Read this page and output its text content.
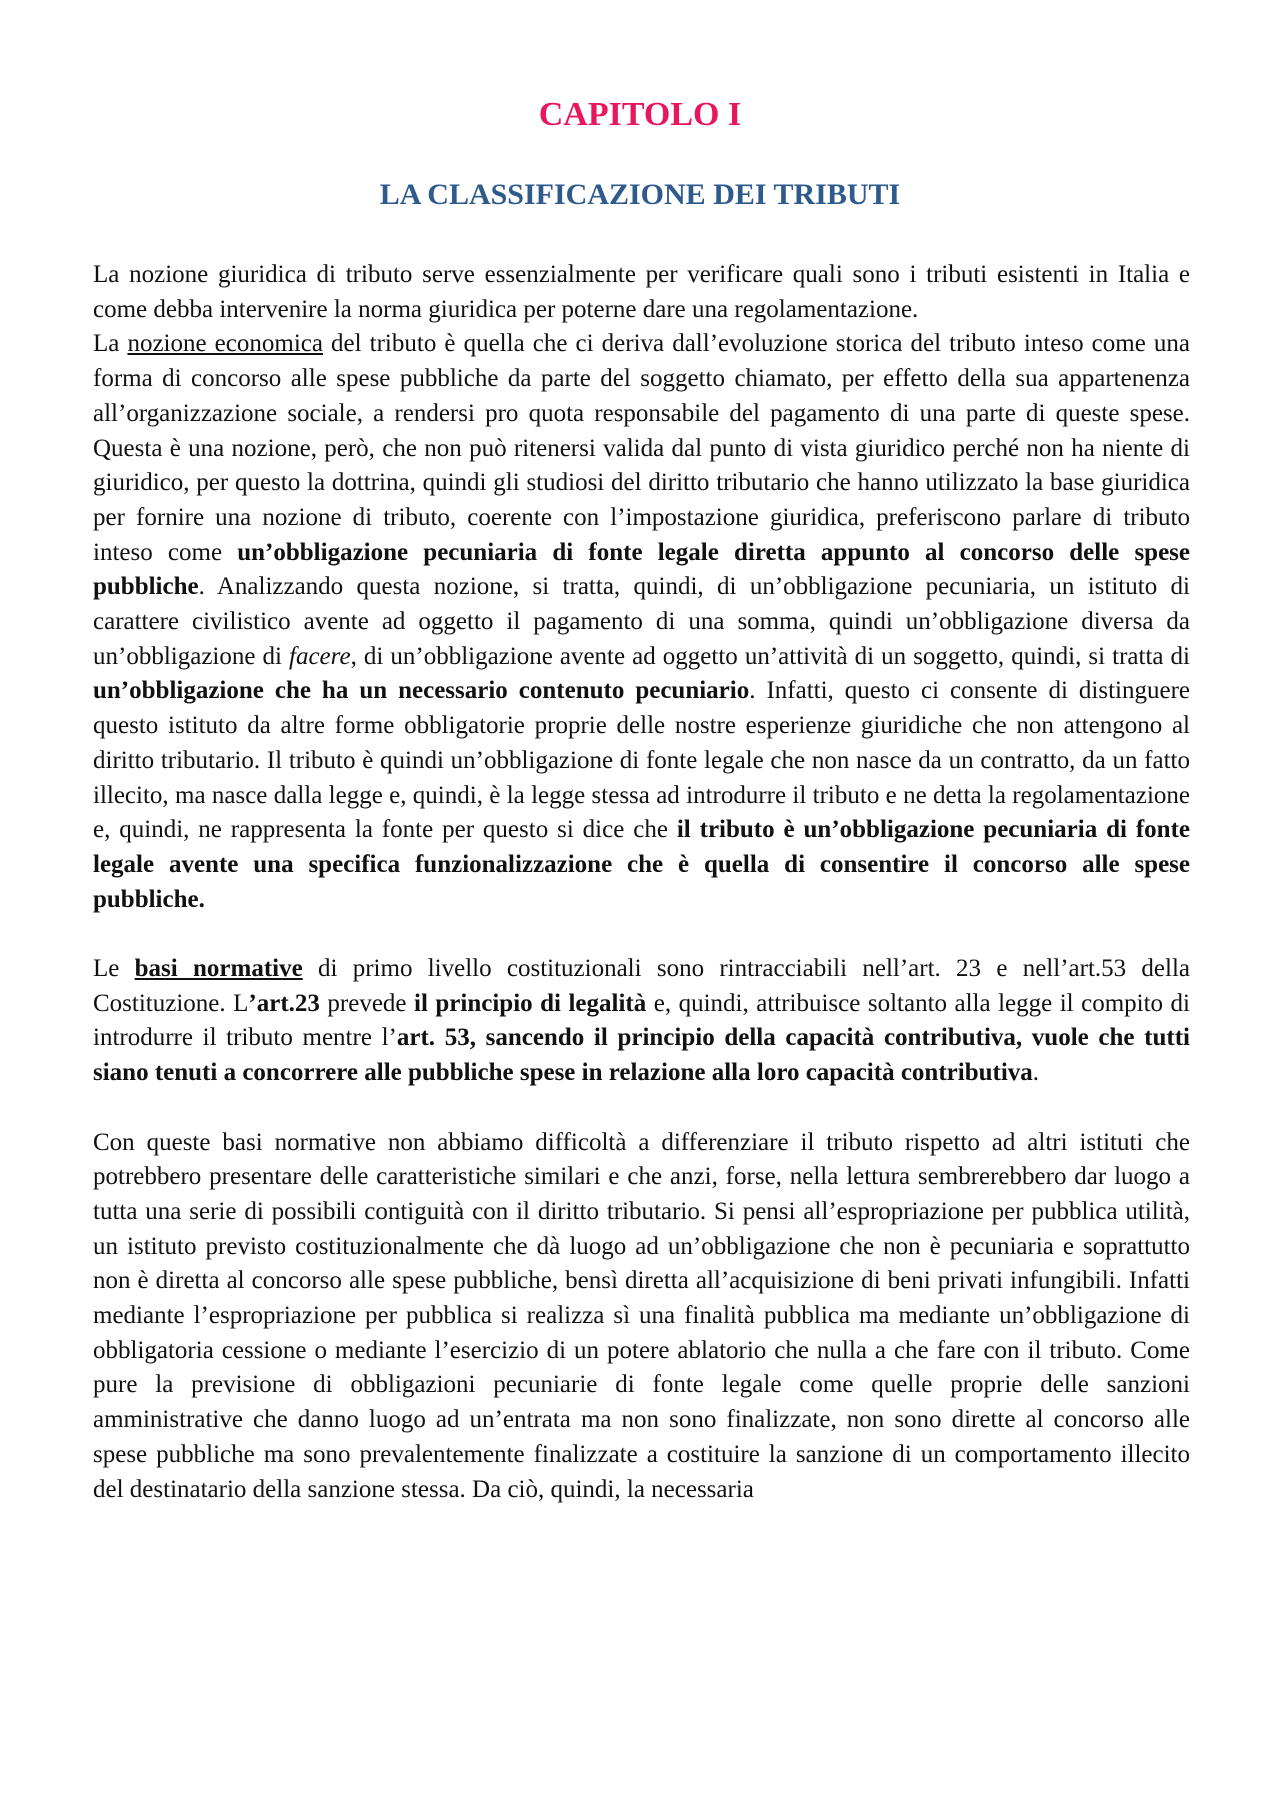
CAPITOLO I
LA CLASSIFICAZIONE DEI TRIBUTI

La nozione giuridica di tributo serve essenzialmente per verificare quali sono i tributi esistenti in Italia e come debba intervenire la norma giuridica per poterne dare una regolamentazione.

La nozione economica del tributo è quella che ci deriva dall’evoluzione storica del tributo inteso come una forma di concorso alle spese pubbliche da parte del soggetto chiamato, per effetto della sua appartenenza all’organizzazione sociale, a rendersi pro quota responsabile del pagamento di una parte di queste spese. Questa è una nozione, però, che non può ritenersi valida dal punto di vista giuridico perché non ha niente di giuridico, per questo la dottrina, quindi gli studiosi del diritto tributario che hanno utilizzato la base giuridica per fornire una nozione di tributo, coerente con l’impostazione giuridica, preferiscono parlare di tributo inteso come un’obbligazione pecuniaria di fonte legale diretta appunto al concorso delle spese pubbliche. Analizzando questa nozione, si tratta, quindi, di un’obbligazione pecuniaria, un istituto di carattere civilistico avente ad oggetto il pagamento di una somma, quindi un’obbligazione diversa da un’obbligazione di facere, di un’obbligazione avente ad oggetto un’attività di un soggetto, quindi, si tratta di un’obbligazione che ha un necessario contenuto pecuniario. Infatti, questo ci consente di distinguere questo istituto da altre forme obbligatorie proprie delle nostre esperienze giuridiche che non attengono al diritto tributario. Il tributo è quindi un’obbligazione di fonte legale che non nasce da un contratto, da un fatto illecito, ma nasce dalla legge e, quindi, è la legge stessa ad introdurre il tributo e ne detta la regolamentazione e, quindi, ne rappresenta la fonte per questo si dice che il tributo è un’obbligazione pecuniaria di fonte legale avente una specifica funzionalizzazione che è quella di consentire il concorso alle spese pubbliche.

Le basi normative di primo livello costituzionali sono rintracciabili nell’art. 23 e nell’art.53 della Costituzione. L’art.23 prevede il principio di legalità e, quindi, attribuisce soltanto alla legge il compito di introdurre il tributo mentre l’art. 53, sancendo il principio della capacità contributiva, vuole che tutti siano tenuti a concorrere alle pubbliche spese in relazione alla loro capacità contributiva.

Con queste basi normative non abbiamo difficoltà a differenziare il tributo rispetto ad altri istituti che potrebbero presentare delle caratteristiche similari e che anzi, forse, nella lettura sembrerebbero dar luogo a tutta una serie di possibili contiguità con il diritto tributario. Si pensi all’espropriazione per pubblica utilità, un istituto previsto costituzionalmente che dà luogo ad un’obbligazione che non è pecuniaria e soprattutto non è diretta al concorso alle spese pubbliche, bensì diretta all’acquisizione di beni privati infungibili. Infatti mediante l’espropriazione per pubblica si realizza sì una finalità pubblica ma mediante un’obbligazione di obbligatoria cessione o mediante l’esercizio di un potere ablatorio che nulla a che fare con il tributo. Come pure la previsione di obbligazioni pecuniarie di fonte legale come quelle proprie delle sanzioni amministrative che danno luogo ad un’entrata ma non sono finalizzate, non sono dirette al concorso alle spese pubbliche ma sono prevalentemente finalizzate a costituire la sanzione di un comportamento illecito del destinatario della sanzione stessa. Da ciò, quindi, la necessaria
